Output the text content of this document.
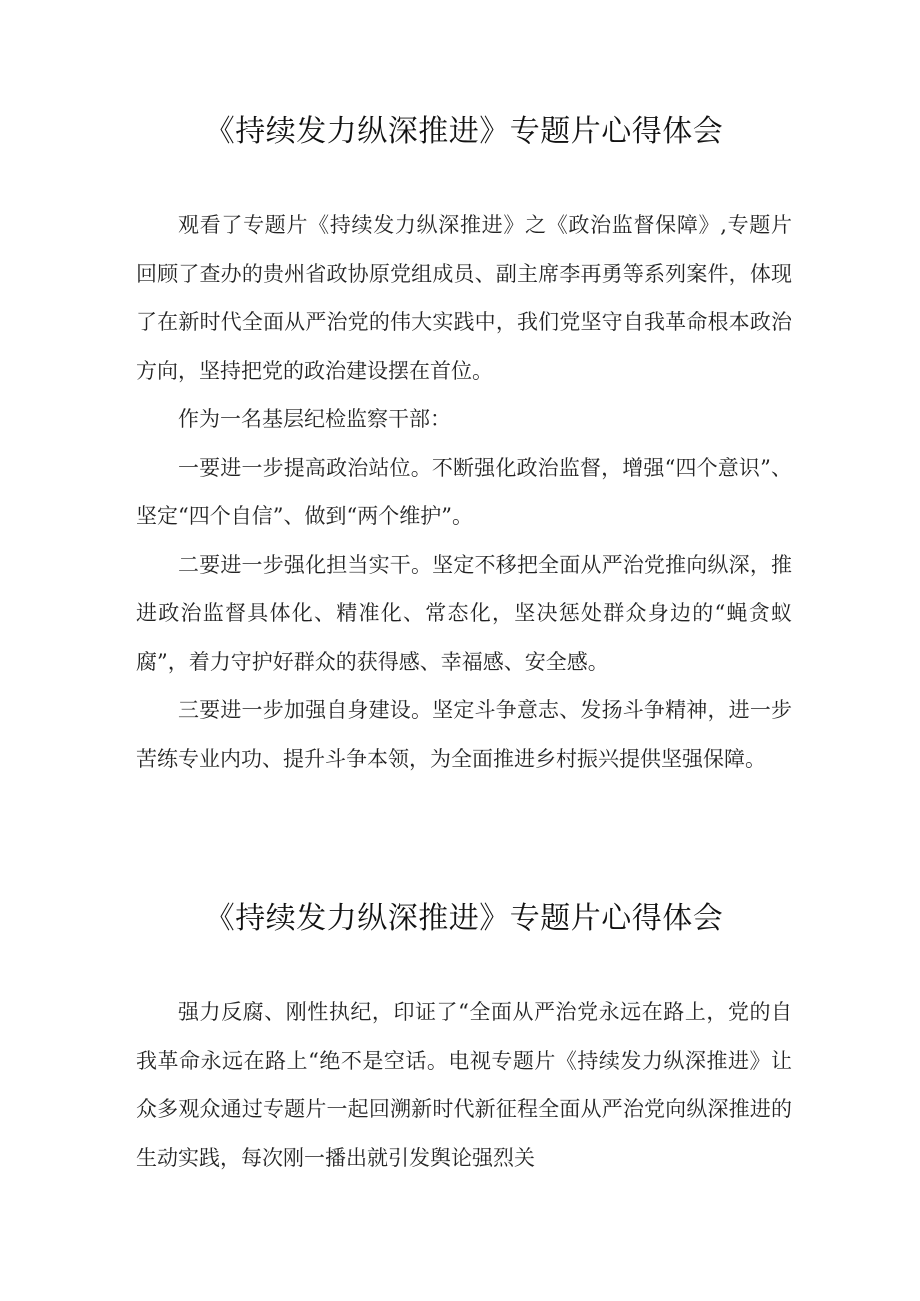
《持续发力纵深推进》专题片心得体会

观看了专题片《持续发力纵深推进》之《政治监督保障》,专题片回顾了查办的贵州省政协原党组成员、副主席李再勇等系列案件，体现了在新时代全面从严治党的伟大实践中，我们党坚守自我革命根本政治方向，坚持把党的政治建设摆在首位。

作为一名基层纪检监察干部：

一要进一步提高政治站位。不断强化政治监督，增强“四个意识”、坚定“四个自信”、做到“两个维护”。

二要进一步强化担当实干。坚定不移把全面从严治党推向纵深，推进政治监督具体化、精准化、常态化，坚决惩处群众身边的“蝇贪蚁腐”，着力守护好群众的获得感、幸福感、安全感。

三要进一步加强自身建设。坚定斗争意志、发扬斗争精神，进一步苦练专业内功、提升斗争本领，为全面推进乡村振兴提供坚强保障。

《持续发力纵深推进》专题片心得体会

强力反腐、刚性执纪，印证了“全面从严治党永远在路上，党的自我革命永远在路上“绝不是空话。电视专题片《持续发力纵深推进》让众多观众通过专题片一起回溯新时代新征程全面从严治党向纵深推进的生动实践，每次刚一播出就引发舆论强烈关
